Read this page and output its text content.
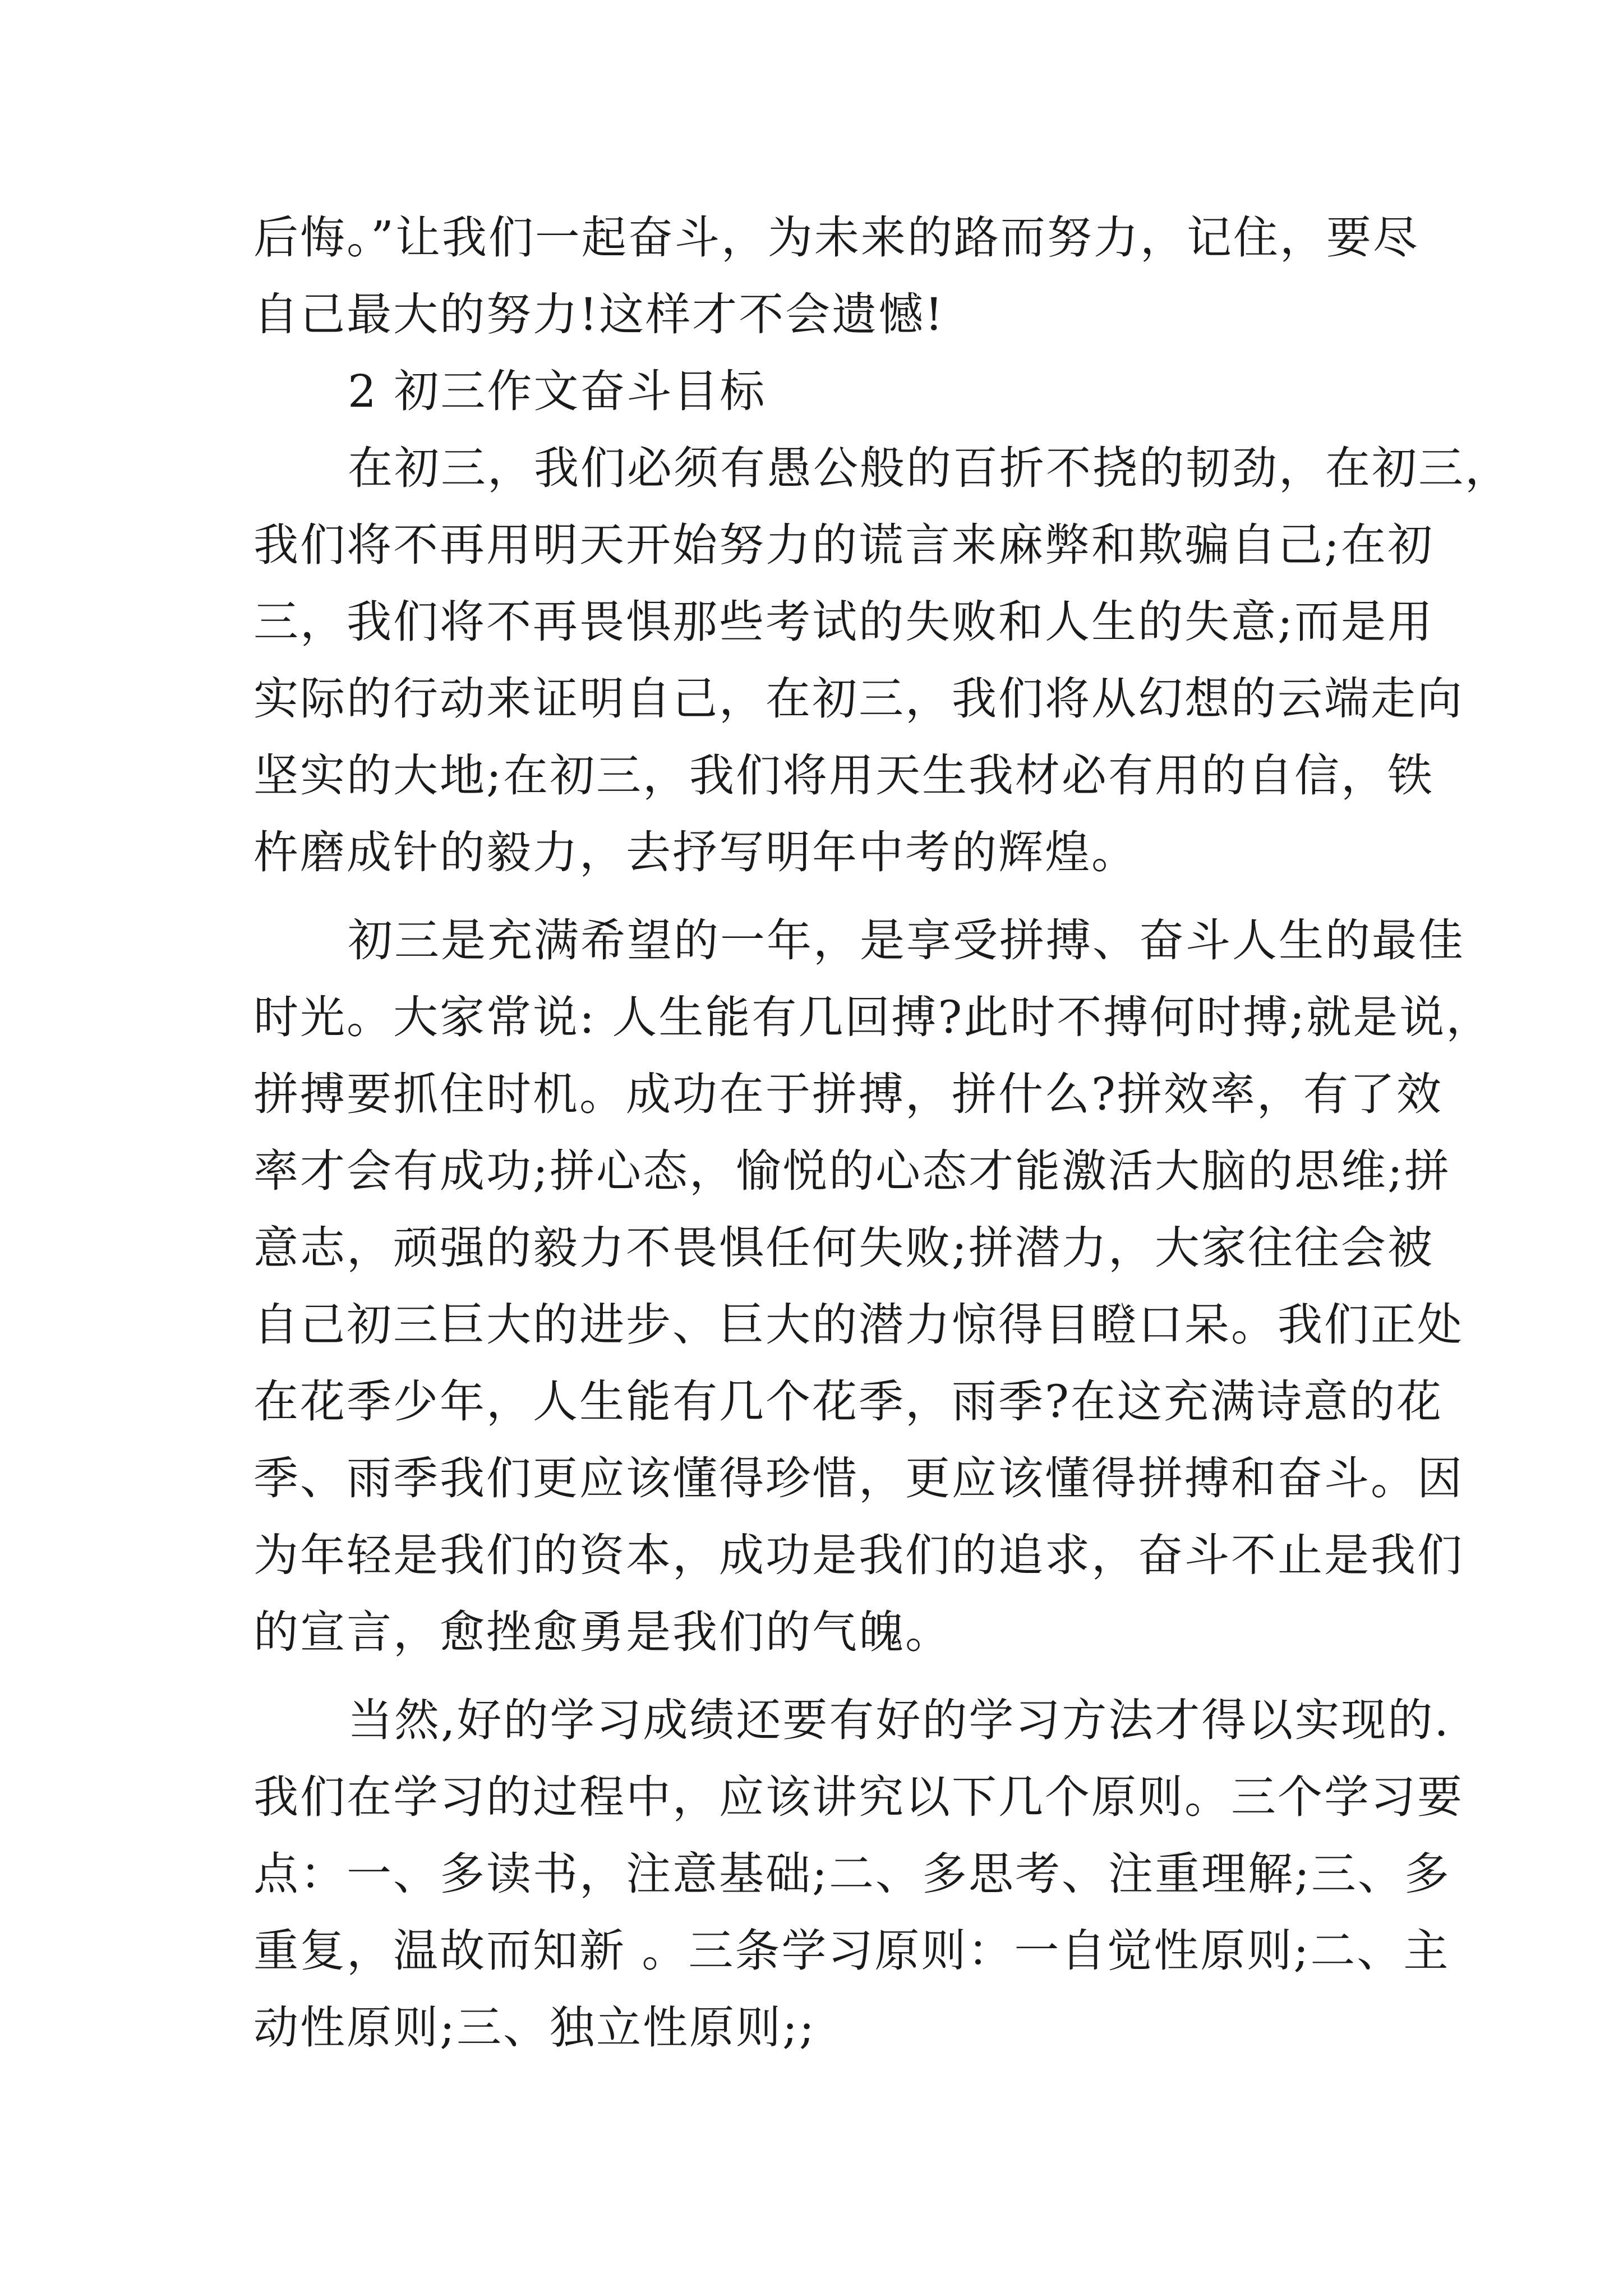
后悔。”让我们一起奋斗，为未来的路而努力，记住，要尽
自己最大的努力!这样才不会遗憾!
2 初三作文奋斗目标
在初三，我们必须有愚公般的百折不挠的韧劲，在初三，
我们将不再用明天开始努力的谎言来麻弊和欺骗自己;在初
三，我们将不再畏惧那些考试的失败和人生的失意;而是用
实际的行动来证明自己，在初三，我们将从幻想的云端走向
坚实的大地;在初三，我们将用天生我材必有用的自信，铁
杵磨成针的毅力，去抒写明年中考的辉煌。
初三是充满希望的一年，是享受拼搏、奋斗人生的最佳
时光。大家常说: 人生能有几回搏?此时不搏何时搏;就是说，
拼搏要抓住时机。成功在于拼搏，拼什么?拼效率，有了效
率才会有成功;拼心态，愉悦的心态才能激活大脑的思维;拼
意志，顽强的毅力不畏惧任何失败;拼潜力，大家往往会被
自己初三巨大的进步、巨大的潜力惊得目瞪口呆。我们正处
在花季少年，人生能有几个花季，雨季?在这充满诗意的花
季、雨季我们更应该懂得珍惜，更应该懂得拼搏和奋斗。因
为年轻是我们的资本，成功是我们的追求，奋斗不止是我们
的宣言，愈挫愈勇是我们的气魄。
当然,好的学习成绩还要有好的学习方法才得以实现的.
我们在学习的过程中，应该讲究以下几个原则。三个学习要
点：一、多读书，注意基础;二、多思考、注重理解;三、多
重复，温故而知新 。三条学习原则：一自觉性原则;二、主
动性原则;三、独立性原则;;
